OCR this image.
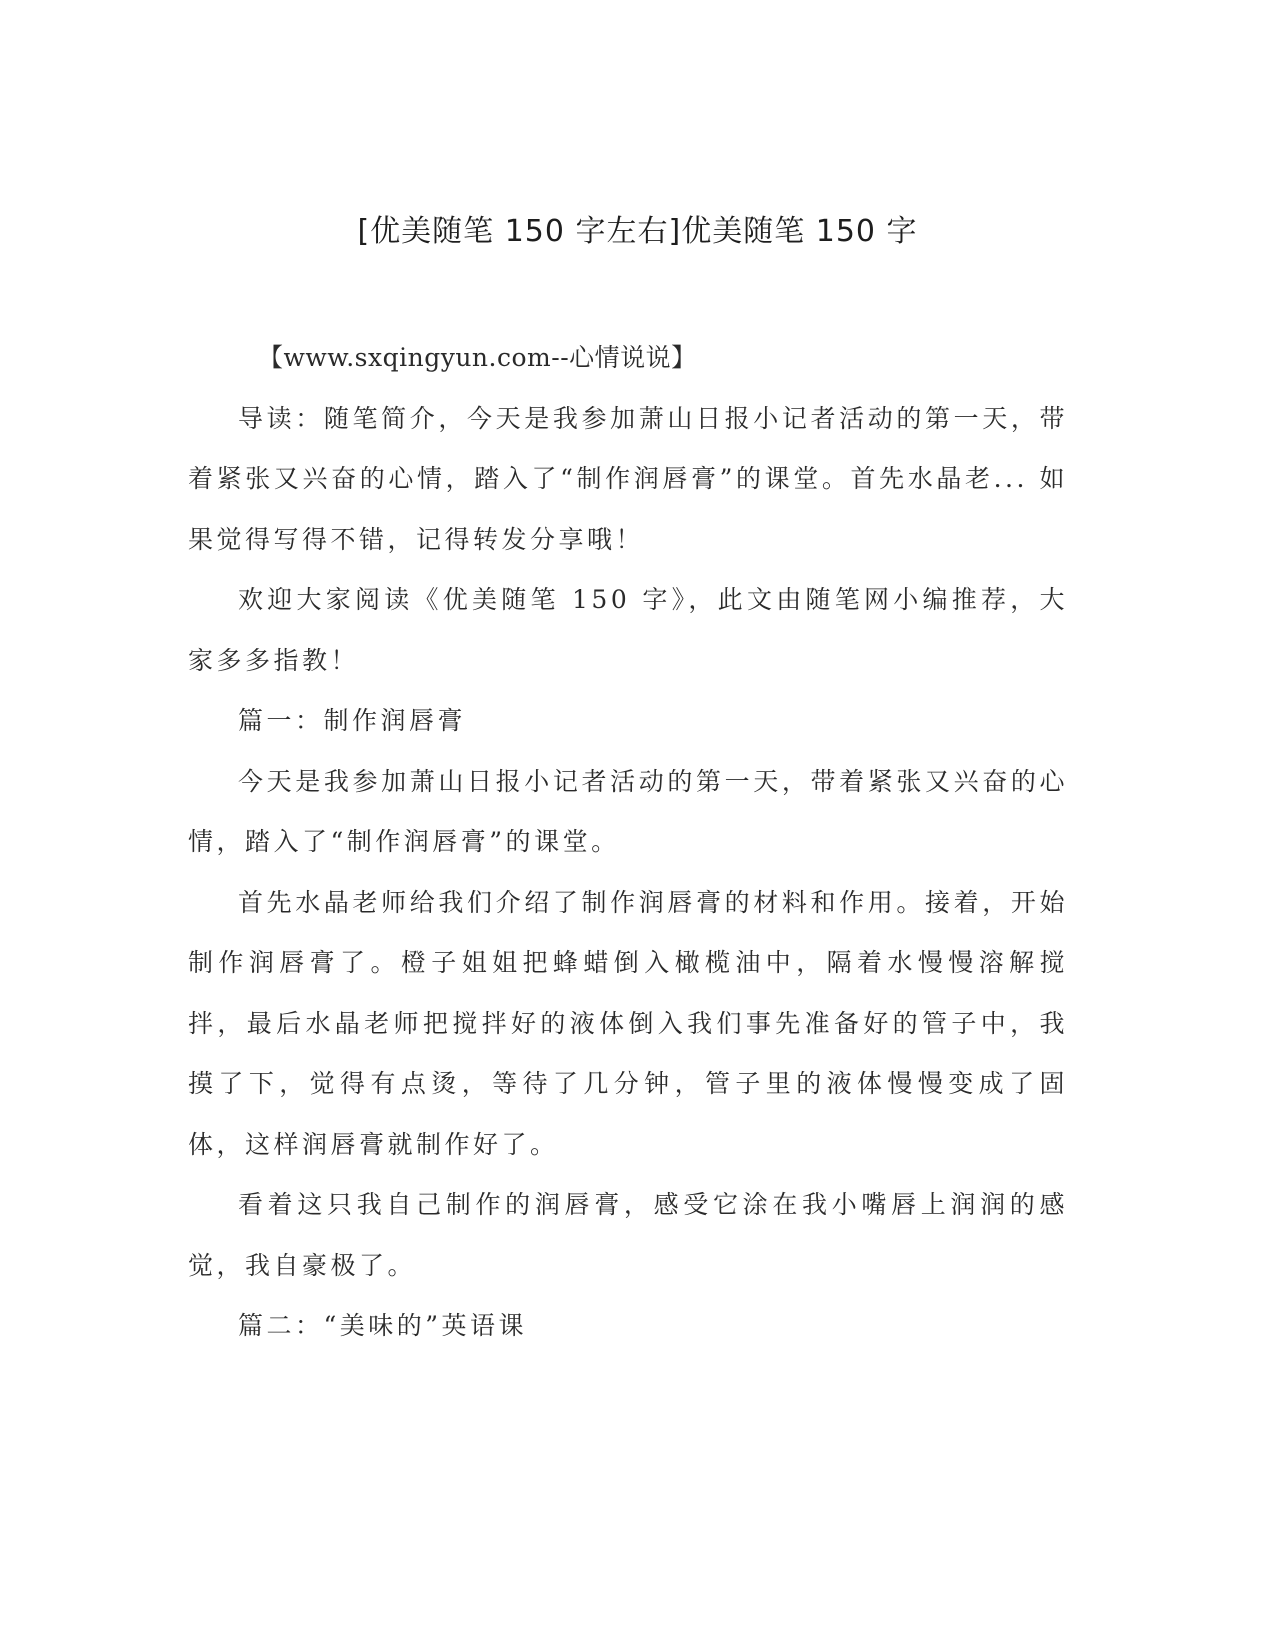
[优美随笔 150 字左右]优美随笔 150 字

【www.sxqingyun.com--心情说说】

导读：随笔简介，今天是我参加萧山日报小记者活动的第一天，带着紧张又兴奋的心情，踏入了“制作润唇膏”的课堂。首先水晶老... 如果觉得写得不错，记得转发分享哦！

欢迎大家阅读《优美随笔 150 字》，此文由随笔网小编推荐，大家多多指教！

篇一：制作润唇膏

今天是我参加萧山日报小记者活动的第一天，带着紧张又兴奋的心情，踏入了“制作润唇膏”的课堂。

首先水晶老师给我们介绍了制作润唇膏的材料和作用。接着，开始制作润唇膏了。橙子姐姐把蜂蜡倒入橄榄油中，隔着水慢慢溶解搅拌，最后水晶老师把搅拌好的液体倒入我们事先准备好的管子中，我摸了下，觉得有点烫，等待了几分钟，管子里的液体慢慢变成了固体，这样润唇膏就制作好了。

看着这只我自己制作的润唇膏，感受它涂在我小嘴唇上润润的感觉，我自豪极了。

篇二：“美味的”英语课
